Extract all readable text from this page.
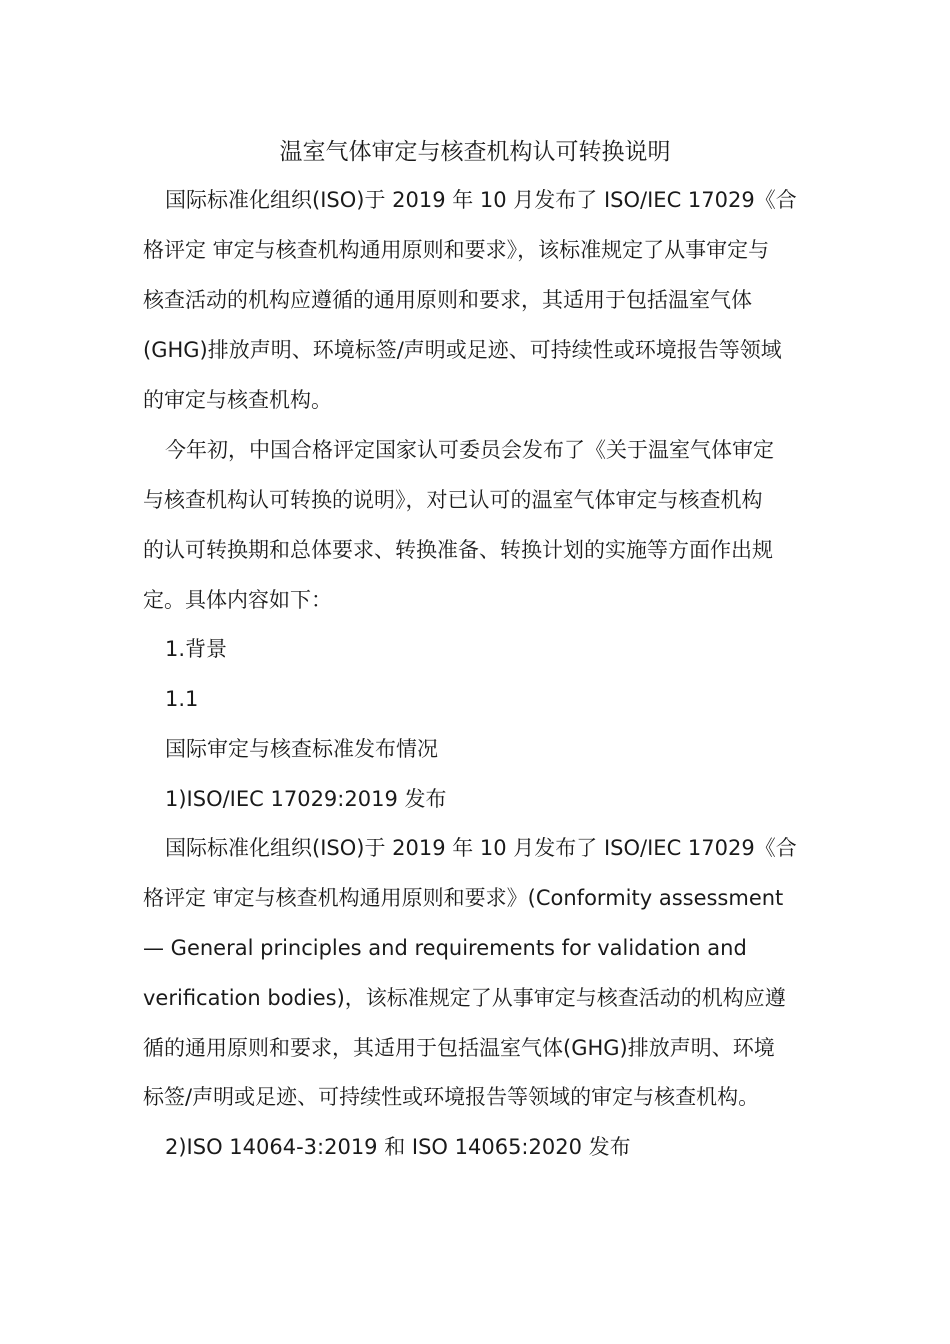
温室气体审定与核查机构认可转换说明
国际标准化组织(ISO)于 2019 年 10 月发布了 ISO/IEC 17029《合
格评定 审定与核查机构通用原则和要求》，该标准规定了从事审定与
核查活动的机构应遵循的通用原则和要求，其适用于包括温室气体
(GHG)排放声明、环境标签/声明或足迹、可持续性或环境报告等领域
的审定与核查机构。
今年初，中国合格评定国家认可委员会发布了《关于温室气体审定
与核查机构认可转换的说明》，对已认可的温室气体审定与核查机构
的认可转换期和总体要求、转换准备、转换计划的实施等方面作出规
定。具体内容如下：
1.背景
1.1
国际审定与核查标准发布情况
1)ISO/IEC 17029:2019 发布
国际标准化组织(ISO)于 2019 年 10 月发布了 ISO/IEC 17029《合
格评定 审定与核查机构通用原则和要求》(Conformity assessment
— General principles and requirements for validation and
verification bodies)，该标准规定了从事审定与核查活动的机构应遵
循的通用原则和要求，其适用于包括温室气体(GHG)排放声明、环境
标签/声明或足迹、可持续性或环境报告等领域的审定与核查机构。
2)ISO 14064-3:2019 和 ISO 14065:2020 发布
